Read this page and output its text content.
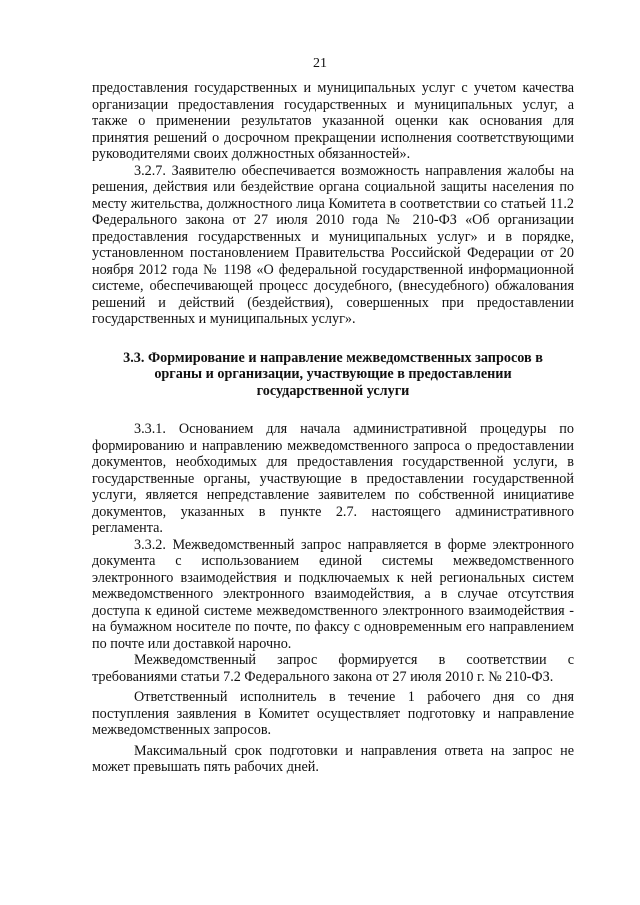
21

предоставления государственных и муниципальных услуг с учетом качества организации предоставления государственных и муниципальных услуг, а также о применении результатов указанной оценки как основания для принятия решений о досрочном прекращении исполнения соответствующими руководителями своих должностных обязанностей».

3.2.7. Заявителю обеспечивается возможность направления жалобы на решения, действия или бездействие органа социальной защиты населения по месту жительства, должностного лица Комитета в соответствии со статьей 11.2 Федерального закона от 27 июля 2010 года № 210-ФЗ «Об организации предоставления государственных и муниципальных услуг» и в порядке, установленном постановлением Правительства Российской Федерации от 20 ноября 2012 года № 1198 «О федеральной государственной информационной системе, обеспечивающей процесс досудебного, (внесудебного) обжалования решений и действий (бездействия), совершенных при предоставлении государственных и муниципальных услуг».

3.3. Формирование и направление межведомственных запросов в органы и организации, участвующие в предоставлении государственной услуги

3.3.1. Основанием для начала административной процедуры по формированию и направлению межведомственного запроса о предоставлении документов, необходимых для предоставления государственной услуги, в государственные органы, участвующие в предоставлении государственной услуги, является непредставление заявителем по собственной инициативе документов, указанных в пункте 2.7. настоящего административного регламента.

3.3.2. Межведомственный запрос направляется в форме электронного документа с использованием единой системы межведомственного электронного взаимодействия и подключаемых к ней региональных систем межведомственного электронного взаимодействия, а в случае отсутствия доступа к единой системе межведомственного электронного взаимодействия - на бумажном носителе по почте, по факсу с одновременным его направлением по почте или доставкой нарочно.

Межведомственный запрос формируется в соответствии с требованиями статьи 7.2 Федерального закона от 27 июля 2010 г. № 210-ФЗ.

Ответственный исполнитель в течение 1 рабочего дня со дня поступления заявления в Комитет осуществляет подготовку и направление межведомственных запросов.

Максимальный срок подготовки и направления ответа на запрос не может превышать пять рабочих дней.
